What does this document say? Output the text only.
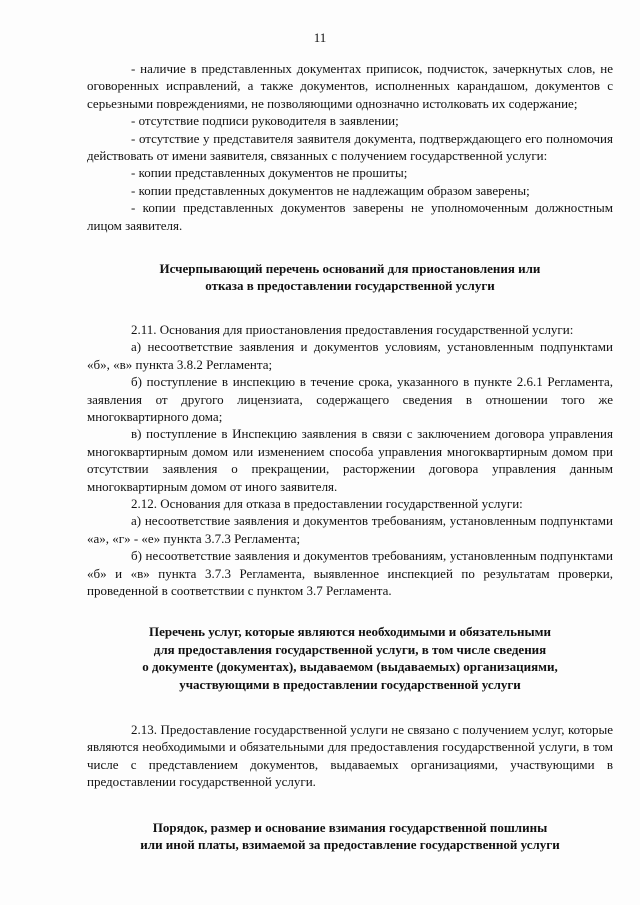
11

- наличие в представленных документах приписок, подчисток, зачеркнутых слов, не оговоренных исправлений, а также документов, исполненных карандашом, документов с серьезными повреждениями, не позволяющими однозначно истолковать их содержание;

- отсутствие подписи руководителя в заявлении;

- отсутствие у представителя заявителя документа, подтверждающего его полномочия действовать от имени заявителя, связанных с получением государственной услуги:

- копии представленных документов не прошиты;

- копии представленных документов не надлежащим образом заверены;

- копии представленных документов заверены не уполномоченным должностным лицом заявителя.

Исчерпывающий перечень оснований для приостановления или
отказа в предоставлении государственной услуги

2.11. Основания для приостановления предоставления государственной услуги:

а) несоответствие заявления и документов условиям, установленным подпунктами «б», «в» пункта 3.8.2 Регламента;

б) поступление в инспекцию в течение срока, указанного в пункте 2.6.1 Регламента, заявления от другого лицензиата, содержащего сведения в отношении того же многоквартирного дома;

в) поступление в Инспекцию заявления в связи с заключением договора управления многоквартирным домом или изменением способа управления многоквартирным домом при отсутствии заявления о прекращении, расторжении договора управления данным многоквартирным домом от иного заявителя.

2.12. Основания для отказа в предоставлении государственной услуги:

а) несоответствие заявления и документов требованиям, установленным подпунктами «а», «г» - «е» пункта 3.7.3 Регламента;

б) несоответствие заявления и документов требованиям, установленным подпунктами «б» и «в» пункта 3.7.3 Регламента, выявленное инспекцией по результатам проверки, проведенной в соответствии с пунктом 3.7 Регламента.

Перечень услуг, которые являются необходимыми и обязательными
для предоставления государственной услуги, в том числе сведения
о документе (документах), выдаваемом (выдаваемых) организациями,
участвующими в предоставлении государственной услуги

2.13. Предоставление государственной услуги не связано с получением услуг, которые являются необходимыми и обязательными для предоставления государственной услуги, в том числе с представлением документов, выдаваемых организациями, участвующими в предоставлении государственной услуги.

Порядок, размер и основание взимания государственной пошлины
или иной платы, взимаемой за предоставление государственной услуги
